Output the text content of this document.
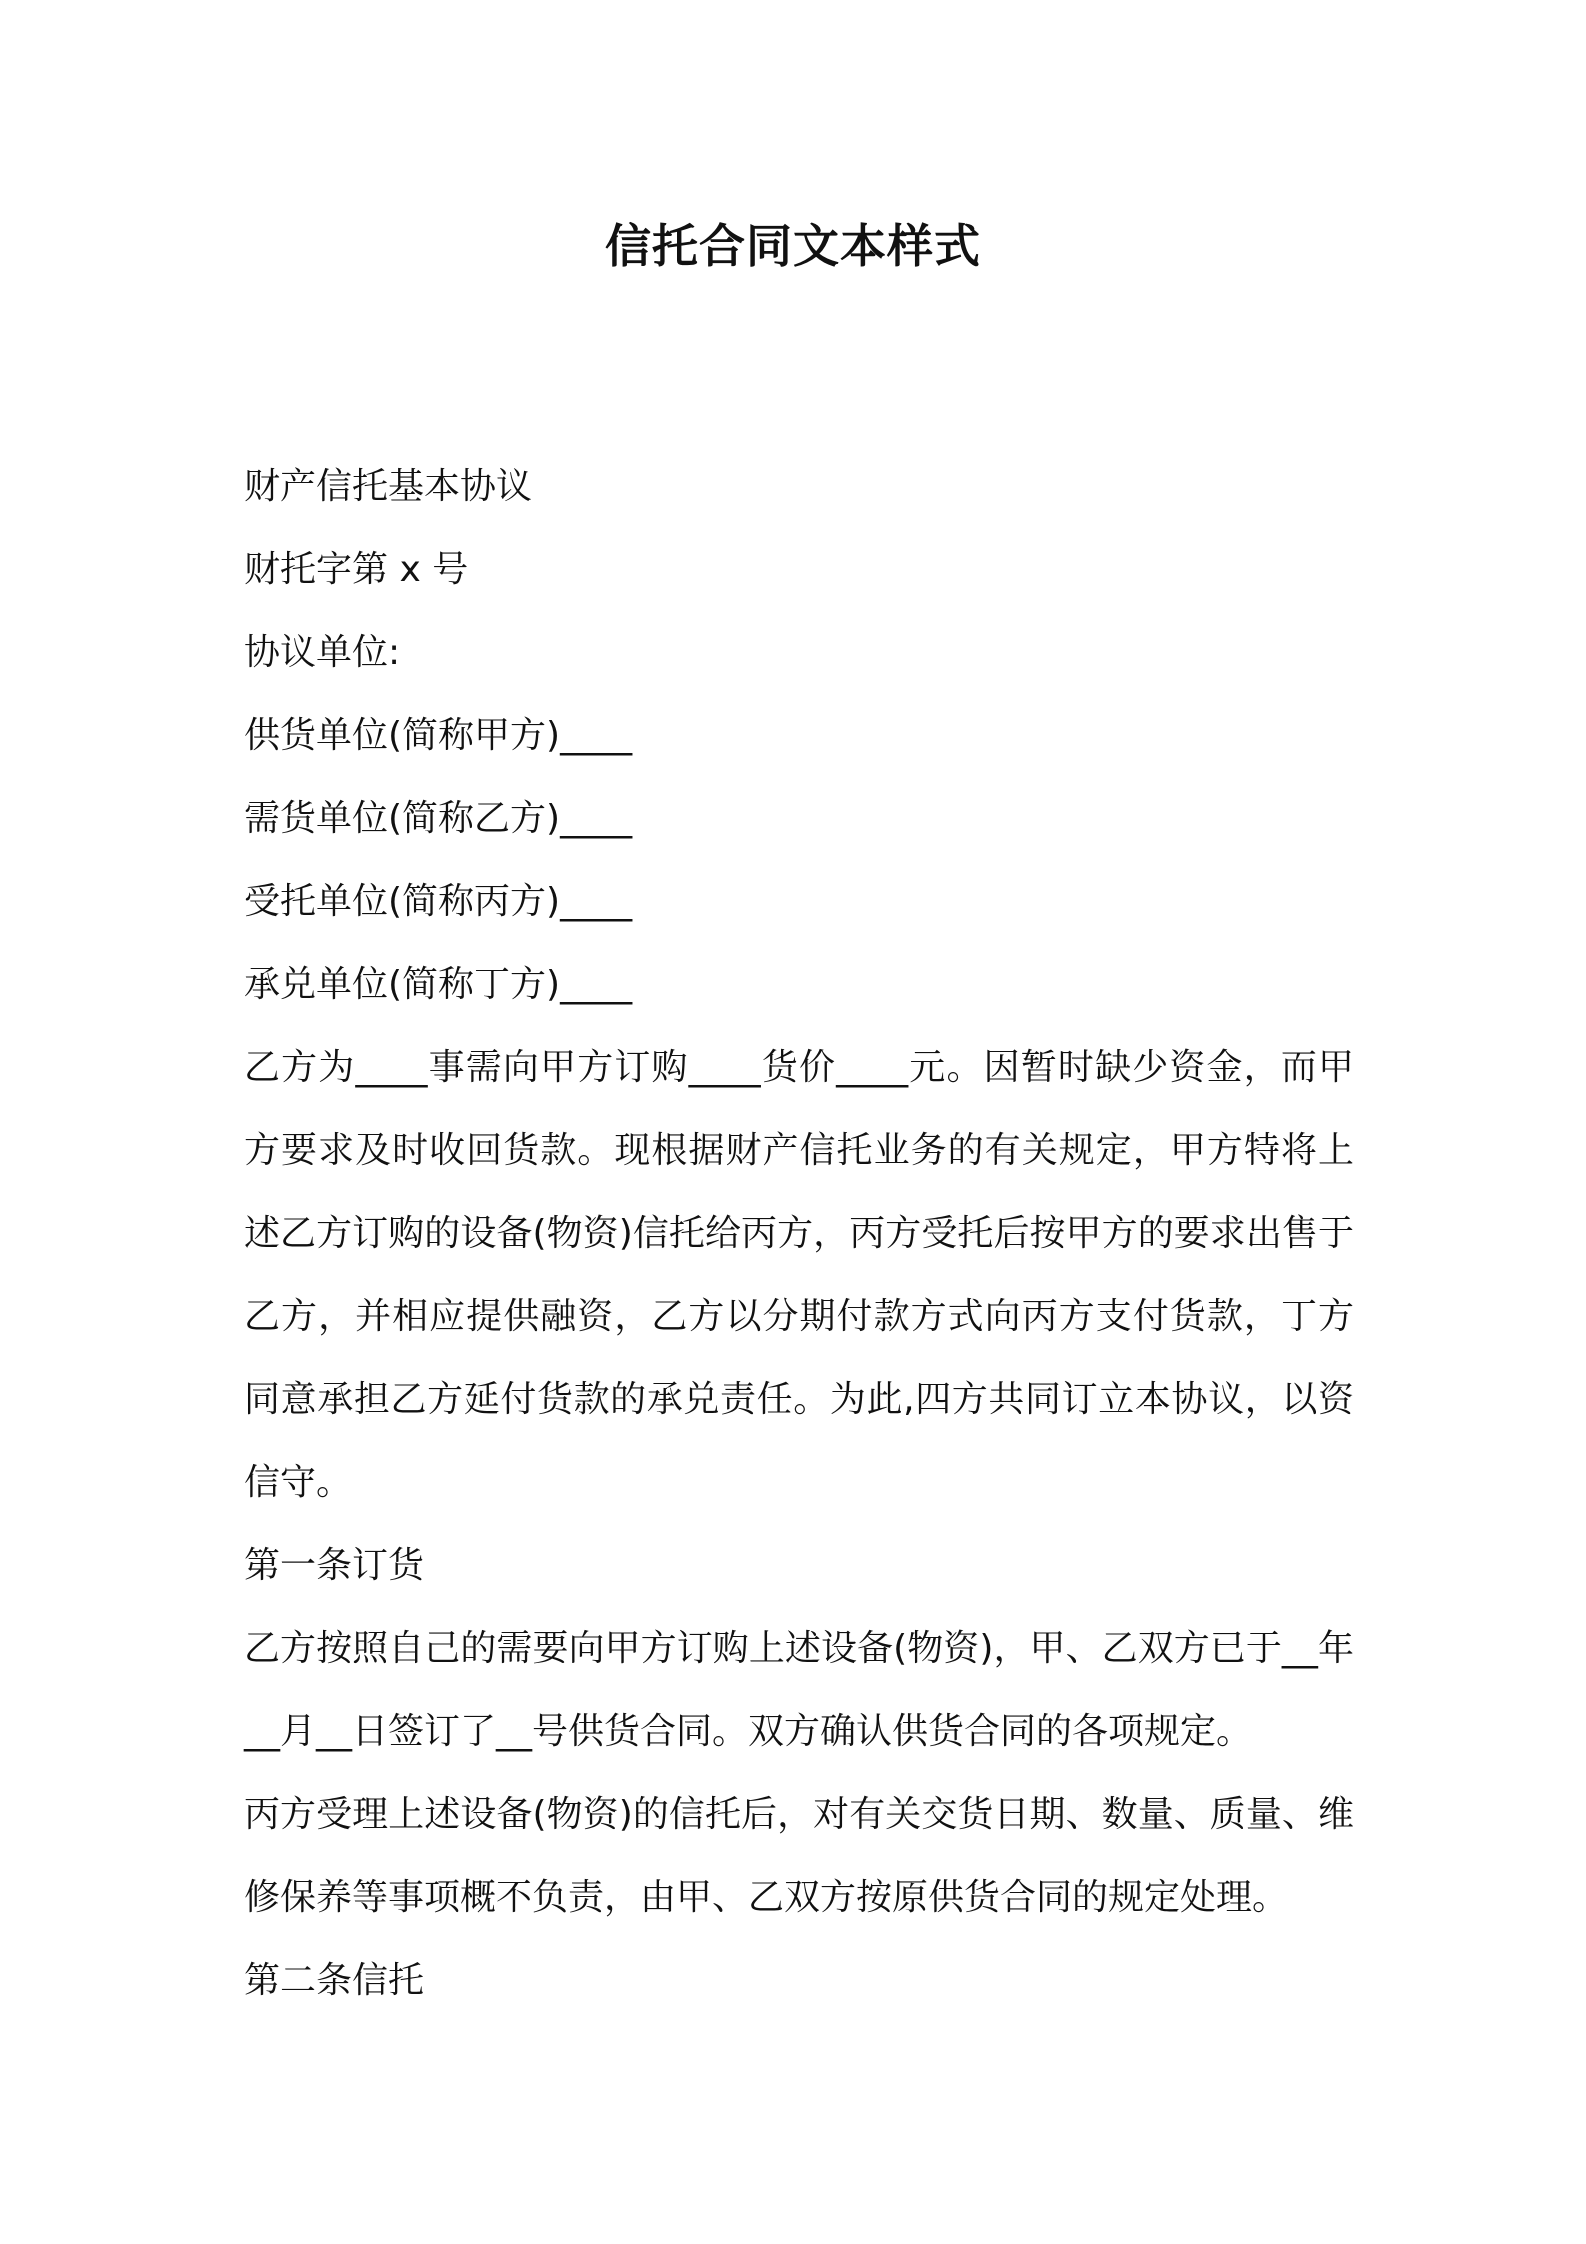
信托合同文本样式
财产信托基本协议
财托字第 x 号
协议单位:
供货单位(简称甲方)____
需货单位(简称乙方)____
受托单位(简称丙方)____
承兑单位(简称丁方)____
乙方为____事需向甲方订购____货价____元。因暂时缺少资金，而甲方要求及时收回货款。现根据财产信托业务的有关规定，甲方特将上述乙方订购的设备(物资)信托给丙方，丙方受托后按甲方的要求出售于乙方，并相应提供融资，乙方以分期付款方式向丙方支付货款，丁方同意承担乙方延付货款的承兑责任。为此,四方共同订立本协议，以资信守。
第一条订货
乙方按照自己的需要向甲方订购上述设备(物资)，甲、乙双方已于__年__月__日签订了__号供货合同。双方确认供货合同的各项规定。
丙方受理上述设备(物资)的信托后，对有关交货日期、数量、质量、维修保养等事项概不负责，由甲、乙双方按原供货合同的规定处理。
第二条信托
